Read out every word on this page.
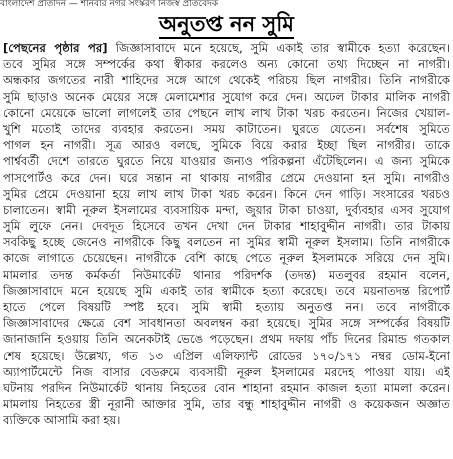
বাংলাদেশ প্রতিদিন — শনিবার নগর সংস্করণ নিজস্ব প্রতিবেদক
অনুতপ্ত নন সুমি
[পেছনের পৃষ্ঠার পর] জিজ্ঞাসাবাদে মনে হয়েছে, সুমি একাই তার স্বামীকে হত্যা করেছেন।
তবে সুমির সঙ্গে সম্পর্কের কথা স্বীকার করলেও অন্য কোনো তথ্য দিচ্ছেন না নাগরী।
অন্ধকার জগতের নারী শাহিদের সঙ্গে আগে থেকেই পরিচয় ছিল নাগরীর। তিনি নাগরীকে
সুমি ছাড়াও অনেক মেয়ের সঙ্গে মেলামেশার সুযোগ করে দেন। অঢেল টাকার মালিক নাগরী
কোনো মেয়েকে ভালো লাগলেই তার পেছনে লাখ লাখ টাকা খরচ করতেন। নিজের খেয়াল-
খুশি মতোই তাদের ব্যবহার করতেন। সময় কাটাতেন। ঘুরতে যেতেন। সর্বশেষ সুমিতে
পাগল হন নাগরী। সূত্র আরও বলছে, সুমিকে বিয়ে করার ইচ্ছা ছিল নাগরীর। তাকে
পার্শ্ববর্তী দেশে তারতে ঘুরতে নিয়ে যাওয়ার জন্যও পরিকল্পনা এঁটেছিলেন। এ জন্য সুমিকে
পাসপোর্টও করে দেন। ঘরে সন্তান না থাকায় নাগরীর প্রেমে দেওয়ানা হন সুমি। নাগরীও
সুমির প্রেমে দেওয়ানা হয়ে লাখ লাখ টাকা খরচ করেন। কিনে দেন গাড়ি। সংসারের খরচও
চালাতেন। স্বামী নূরুল ইসলামের ব্যবসায়িক মন্দা, জুয়ার টাকা চাওয়া, দুর্ব্যবহার এসব সুযোগ
সুমি লুফে নেন। দেবদূত হিসেবে তখন দেখা দেন টাকার শাহাবুদ্দীন নাগরী। তার টাকায়
সবকিছু হচ্ছে জেনেও নাগরীকে কিছু বলতেন না সুমির স্বামী নূরুল ইসলাম। তিনি নাগরীকে
কাজে লাগাতে চেয়েছেন। নাগরীকে বেশি কাছে পেতে নূরুল ইসলামকে সরিয়ে দেন সুমি।
মামলার তদন্ত কর্মকর্তা নিউমার্কেট থানার পরিদর্শক (তদন্ত) মতলুবর রহমান বলেন,
জিজ্ঞাসাবাদে মনে হয়েছে সুমি একাই তার স্বামীকে হত্যা করেছে। তবে ময়নাতদন্ত রিপোর্ট
হাতে পেলে বিষয়টি স্পষ্ট হবে। সুমি স্বামী হত্যায় অনুতপ্ত নন। তবে নাগরীকে
জিজ্ঞাসাবাদের ক্ষেত্রে বেশ সাবধানতা অবলম্বন করা হয়েছে। সুমির সঙ্গে সম্পর্কের বিষয়টি
জানাজানি হওয়ায় তিনি অনেকটাই ভেঙে পড়েছেন। প্রথম দফায় পাঁচ দিনের রিমান্ড গতকাল
শেষ হয়েছে। উল্লেখ্য, গত ১৩ এপ্রিল এলিফ্যান্ট রোডের ১৭০/১৭১ নম্বর ডোম-ইনো
অ্যাপার্টমেন্টে নিজ বাসার বেডরুমে ব্যবসায়ী নূরুল ইসলামের মরদেহ পাওয়া যায়। এই
ঘটনায় পরদিন নিউমার্কেট থানায় নিহতের বোন শাহানা রহমান কাজল হত্যা মামলা করেন।
মামলায় নিহতের স্ত্রী নূরানী আক্তার সুমি, তার বন্ধু শাহাবুদ্দীন নাগরী ও কয়েকজন অজ্ঞাত
ব্যক্তিকে আসামি করা হয়।
